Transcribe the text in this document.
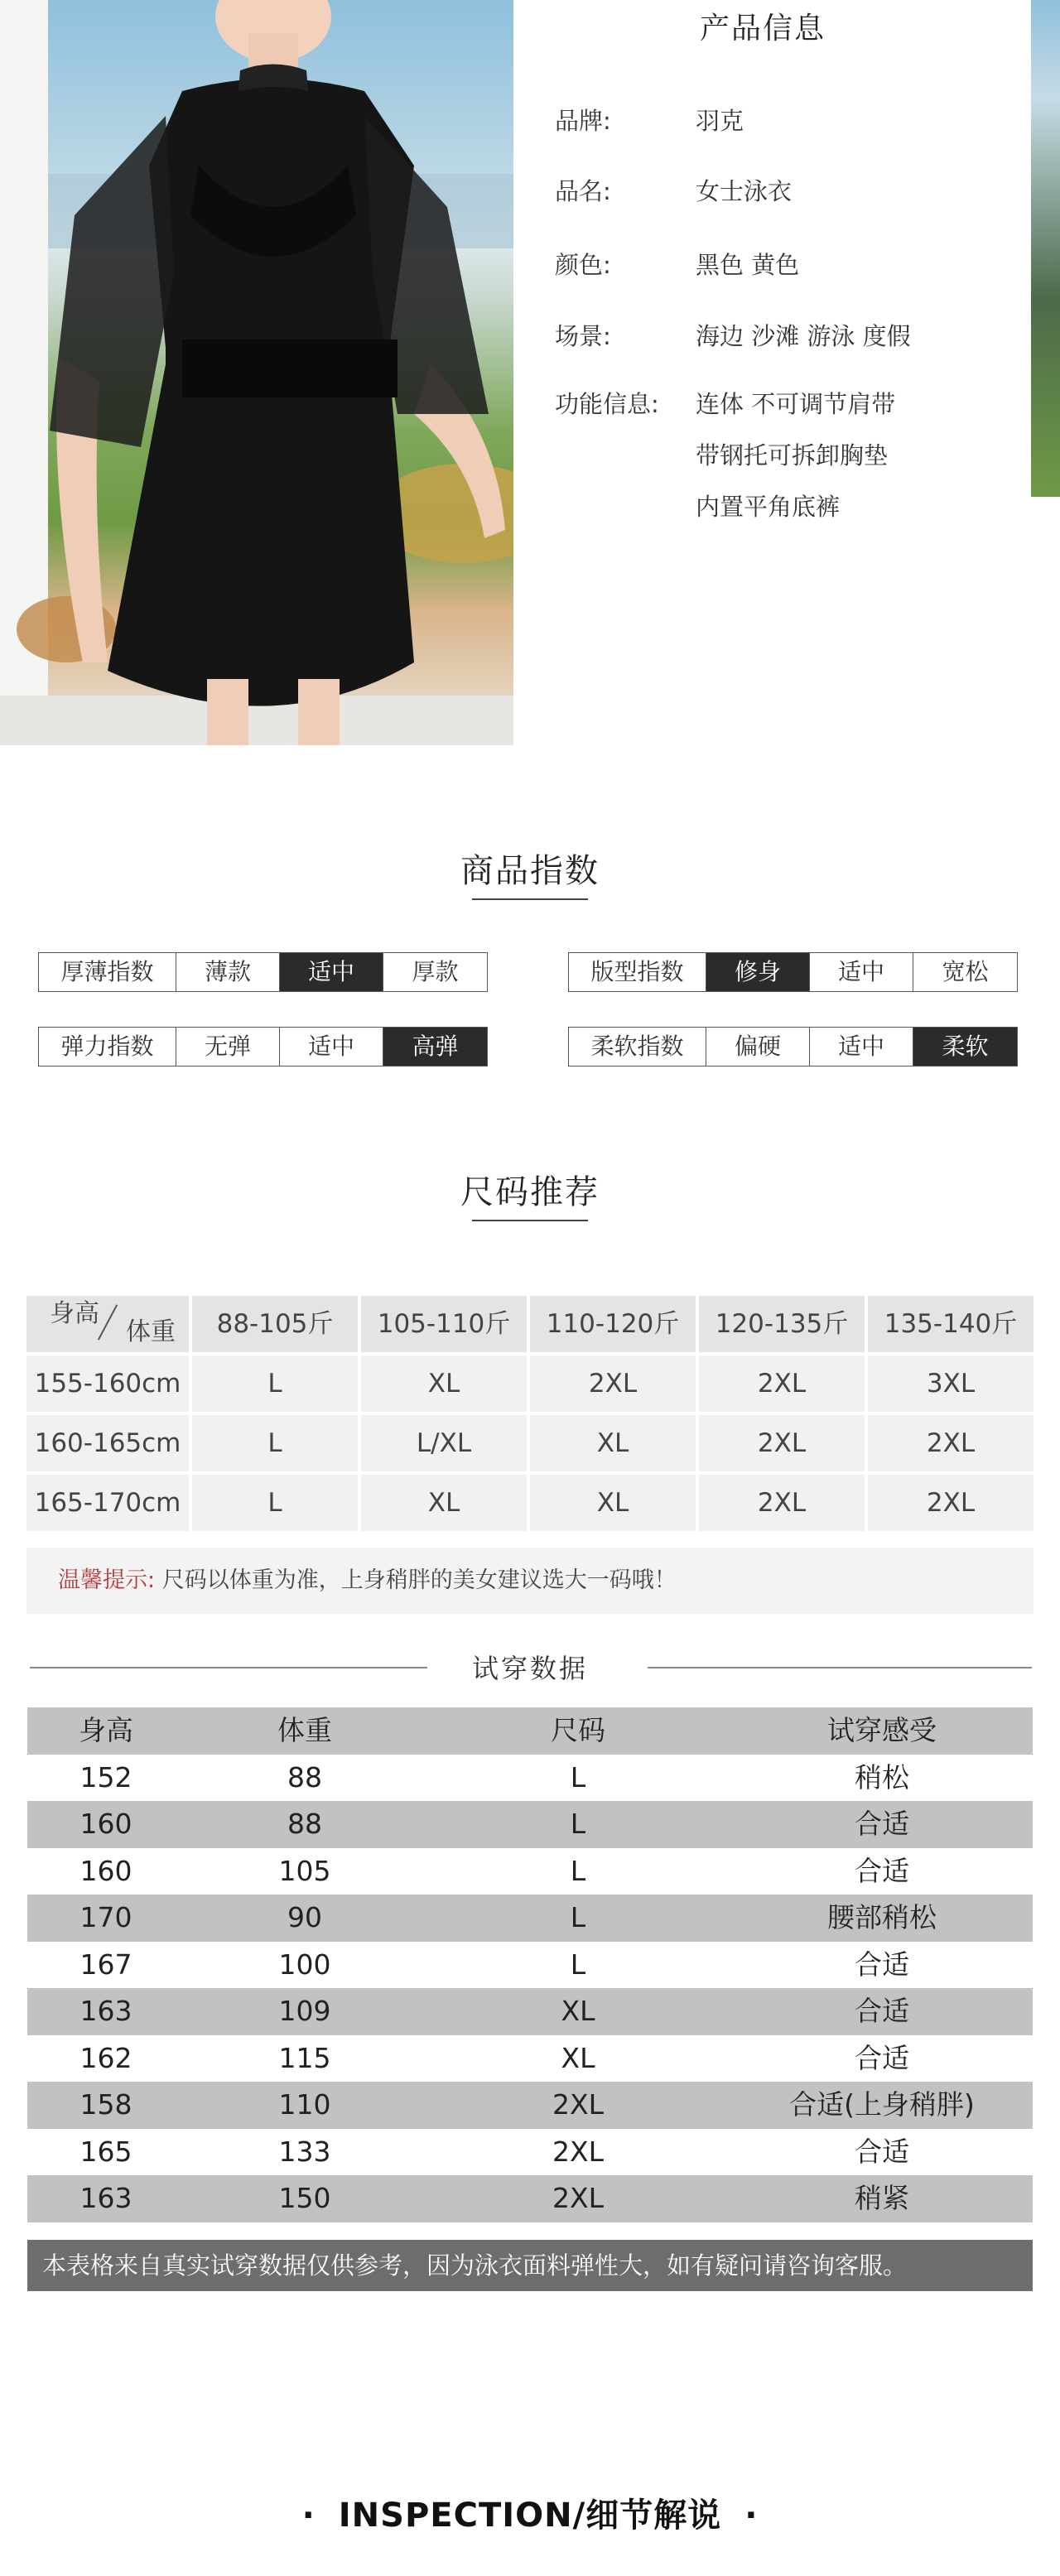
产品信息
品牌:	羽克
品名:	女士泳衣
颜色:	黑色 黄色
场景:	海边 沙滩 游泳 度假
功能信息: 连体 不可调节肩带
带钢托可拆卸胸垫
内置平角底裤
商品指数
厚薄指数	薄款	适中	厚款	版型指数	修身	适中	宽松
弹力指数	无弹	适中	高弹	柔软指数	偏硬	适中	柔软
尺码推荐
身高
体重	88-105斤	105-110斤	110-120斤	120-135斤	135-140斤
155-160cm	L	XL	2XL	2XL	3XL
160-165cm	L	L/XL	XL	2XL	2XL
165-170cm	L	XL	XL	2XL	2XL
温馨提示: 尺码以体重为准，上身稍胖的美女建议选大一码哦！
试穿数据
身高	体重	尺码	试穿感受
152	88	L	稍松
160	88	L	合适
160	105	L	合适
170	90	L	腰部稍松
167	100	L	合适
163	109	XL	合适
162	115	XL	合适
158	110	2XL	合适(上身稍胖)
165	133	2XL	合适
163	150	2XL	稍紧
本表格来自真实试穿数据仅供参考，因为泳衣面料弹性大，如有疑问请咨询客服。
· INSPECTION/细节解说 ·
